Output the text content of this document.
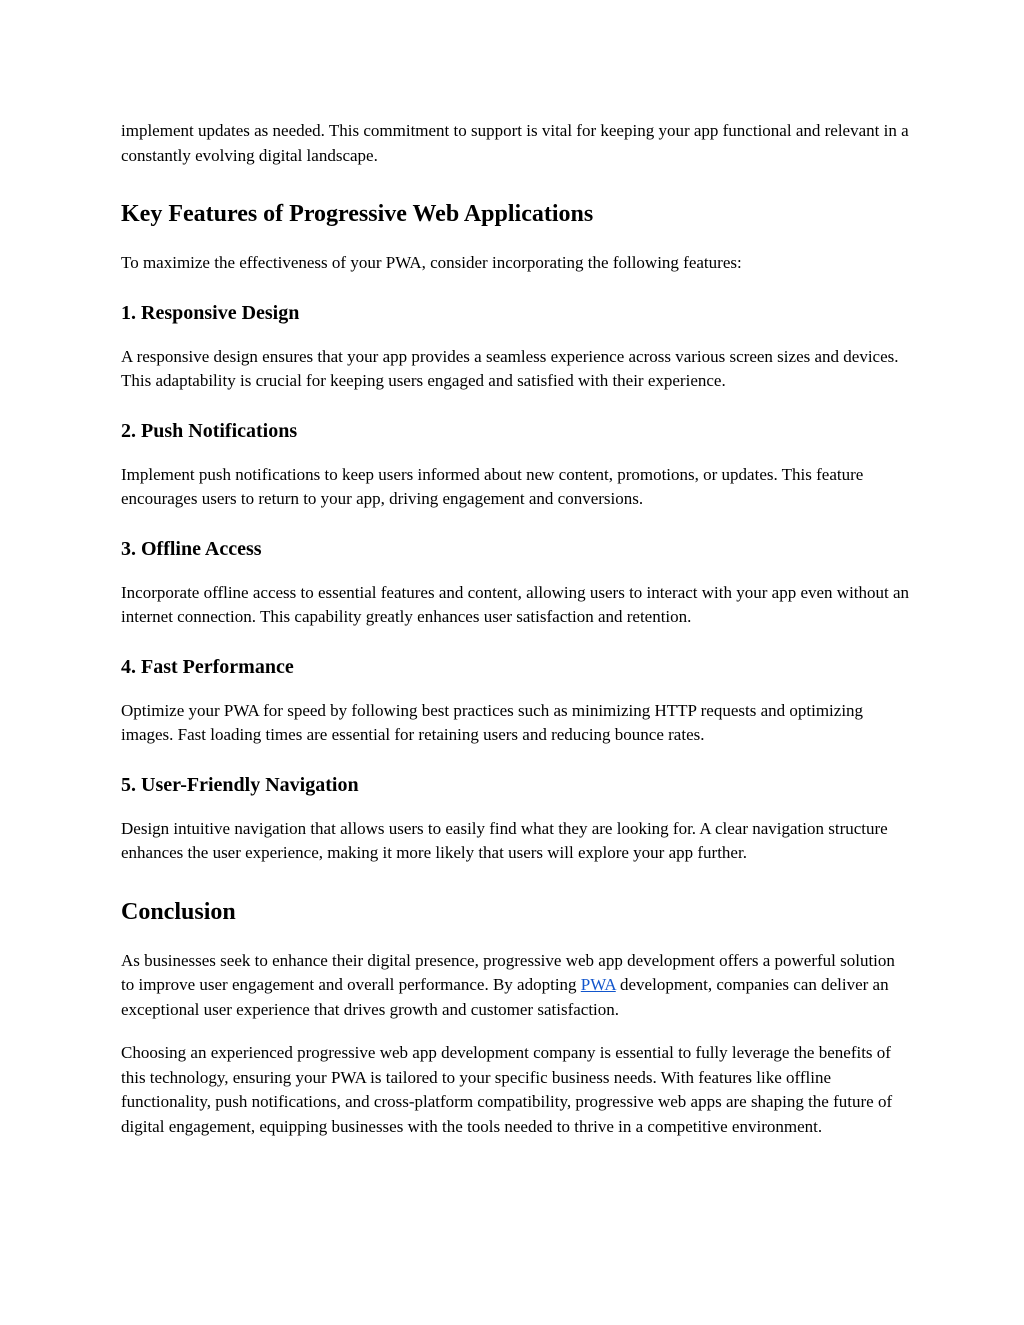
implement updates as needed. This commitment to support is vital for keeping your app functional and relevant in a constantly evolving digital landscape.

Key Features of Progressive Web Applications

To maximize the effectiveness of your PWA, consider incorporating the following features:

1. Responsive Design

A responsive design ensures that your app provides a seamless experience across various screen sizes and devices. This adaptability is crucial for keeping users engaged and satisfied with their experience.

2. Push Notifications

Implement push notifications to keep users informed about new content, promotions, or updates. This feature encourages users to return to your app, driving engagement and conversions.

3. Offline Access

Incorporate offline access to essential features and content, allowing users to interact with your app even without an internet connection. This capability greatly enhances user satisfaction and retention.

4. Fast Performance

Optimize your PWA for speed by following best practices such as minimizing HTTP requests and optimizing images. Fast loading times are essential for retaining users and reducing bounce rates.

5. User-Friendly Navigation

Design intuitive navigation that allows users to easily find what they are looking for. A clear navigation structure enhances the user experience, making it more likely that users will explore your app further.

Conclusion

As businesses seek to enhance their digital presence, progressive web app development offers a powerful solution to improve user engagement and overall performance. By adopting PWA development, companies can deliver an exceptional user experience that drives growth and customer satisfaction.

Choosing an experienced progressive web app development company is essential to fully leverage the benefits of this technology, ensuring your PWA is tailored to your specific business needs. With features like offline functionality, push notifications, and cross-platform compatibility, progressive web apps are shaping the future of digital engagement, equipping businesses with the tools needed to thrive in a competitive environment.
